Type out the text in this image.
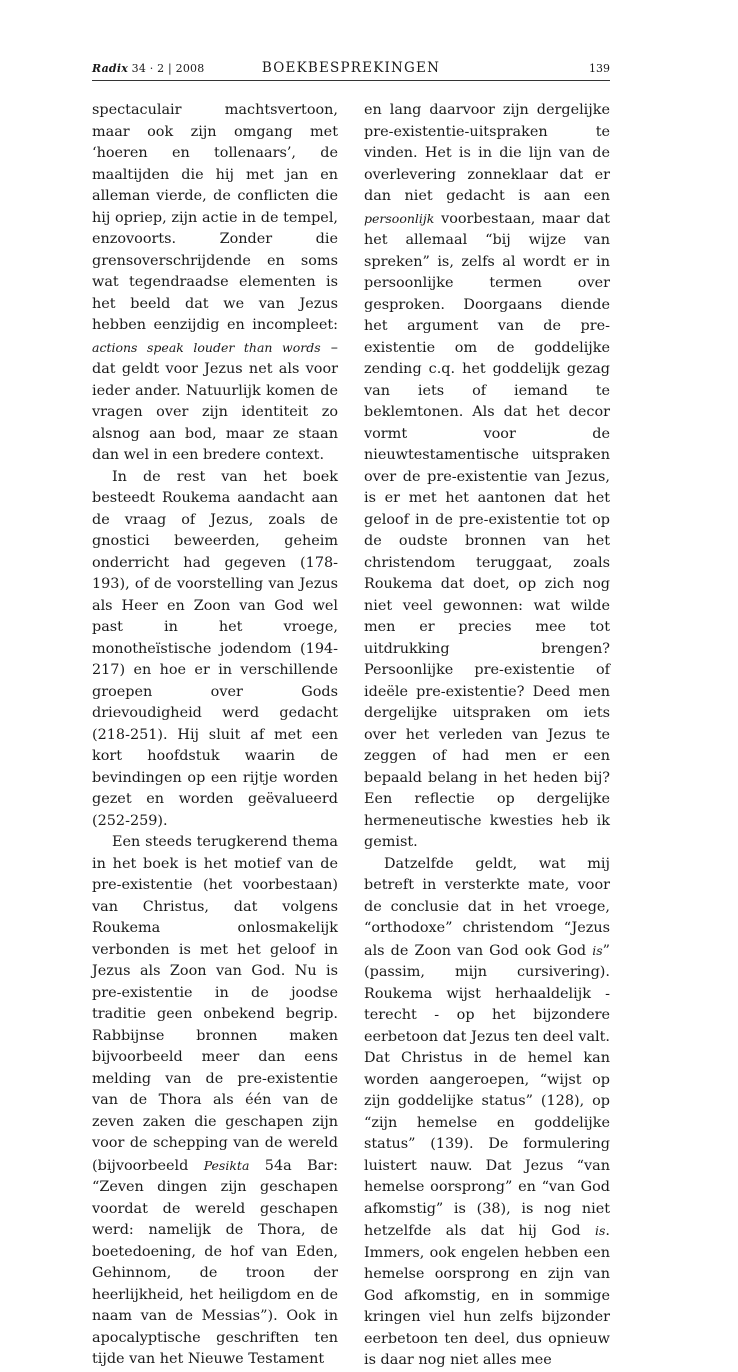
Radix 34 · 2 | 2008	BOEKBESPREKINGEN	139

spectaculair machtsvertoon, maar ook zijn omgang met ‘hoeren en tollenaars’, de maaltijden die hij met jan en alleman vierde, de conflicten die hij opriep, zijn actie in de tempel, enzovoorts. Zonder die grensoverschrijdende en soms wat tegendraadse elementen is het beeld dat we van Jezus hebben eenzijdig en incompleet: actions speak louder than words – dat geldt voor Jezus net als voor ieder ander. Natuurlijk komen de vragen over zijn identiteit zo alsnog aan bod, maar ze staan dan wel in een bredere context.

In de rest van het boek besteedt Roukema aandacht aan de vraag of Jezus, zoals de gnostici beweerden, geheim onderricht had gegeven (178-193), of de voorstelling van Jezus als Heer en Zoon van God wel past in het vroege, monotheïstische jodendom (194-217) en hoe er in verschillende groepen over Gods drievoudigheid werd gedacht (218-251). Hij sluit af met een kort hoofdstuk waarin de bevindingen op een rijtje worden gezet en worden geëvalueerd (252-259).

Een steeds terugkerend thema in het boek is het motief van de pre-existentie (het voorbestaan) van Christus, dat volgens Roukema onlosmakelijk verbonden is met het geloof in Jezus als Zoon van God. Nu is pre-existentie in de joodse traditie geen onbekend begrip. Rabbijnse bronnen maken bijvoorbeeld meer dan eens melding van de pre-existentie van de Thora als één van de zeven zaken die geschapen zijn voor de schepping van de wereld (bijvoorbeeld Pesikta 54a Bar: “Zeven dingen zijn geschapen voordat de wereld geschapen werd: namelijk de Thora, de boetedoening, de hof van Eden, Gehinnom, de troon der heerlijkheid, het heiligdom en de naam van de Messias”). Ook in apocalyptische geschriften ten tijde van het Nieuwe Testament

en lang daarvoor zijn dergelijke pre-existentie-uitspraken te vinden. Het is in die lijn van de overlevering zonneklaar dat er dan niet gedacht is aan een persoonlijk voorbestaan, maar dat het allemaal “bij wijze van spreken” is, zelfs al wordt er in persoonlijke termen over gesproken. Doorgaans diende het argument van de pre-existentie om de goddelijke zending c.q. het goddelijk gezag van iets of iemand te beklemtonen. Als dat het decor vormt voor de nieuwtestamentische uitspraken over de pre-existentie van Jezus, is er met het aantonen dat het geloof in de pre-existentie tot op de oudste bronnen van het christendom teruggaat, zoals Roukema dat doet, op zich nog niet veel gewonnen: wat wilde men er precies mee tot uitdrukking brengen? Persoonlijke pre-existentie of ideële pre-existentie? Deed men dergelijke uitspraken om iets over het verleden van Jezus te zeggen of had men er een bepaald belang in het heden bij? Een reflectie op dergelijke hermeneutische kwesties heb ik gemist.

Datzelfde geldt, wat mij betreft in versterkte mate, voor de conclusie dat in het vroege, “orthodoxe” christendom “Jezus als de Zoon van God ook God is” (passim, mijn cursivering). Roukema wijst herhaaldelijk - terecht - op het bijzondere eerbetoon dat Jezus ten deel valt. Dat Christus in de hemel kan worden aangeroepen, “wijst op zijn goddelijke status” (128), op “zijn hemelse en goddelijke status” (139). De formulering luistert nauw. Dat Jezus “van hemelse oorsprong” en “van God afkomstig” is (38), is nog niet hetzelfde als dat hij God is. Immers, ook engelen hebben een hemelse oorsprong en zijn van God afkomstig, en in sommige kringen viel hun zelfs bijzonder eerbetoon ten deel, dus opnieuw is daar nog niet alles mee
